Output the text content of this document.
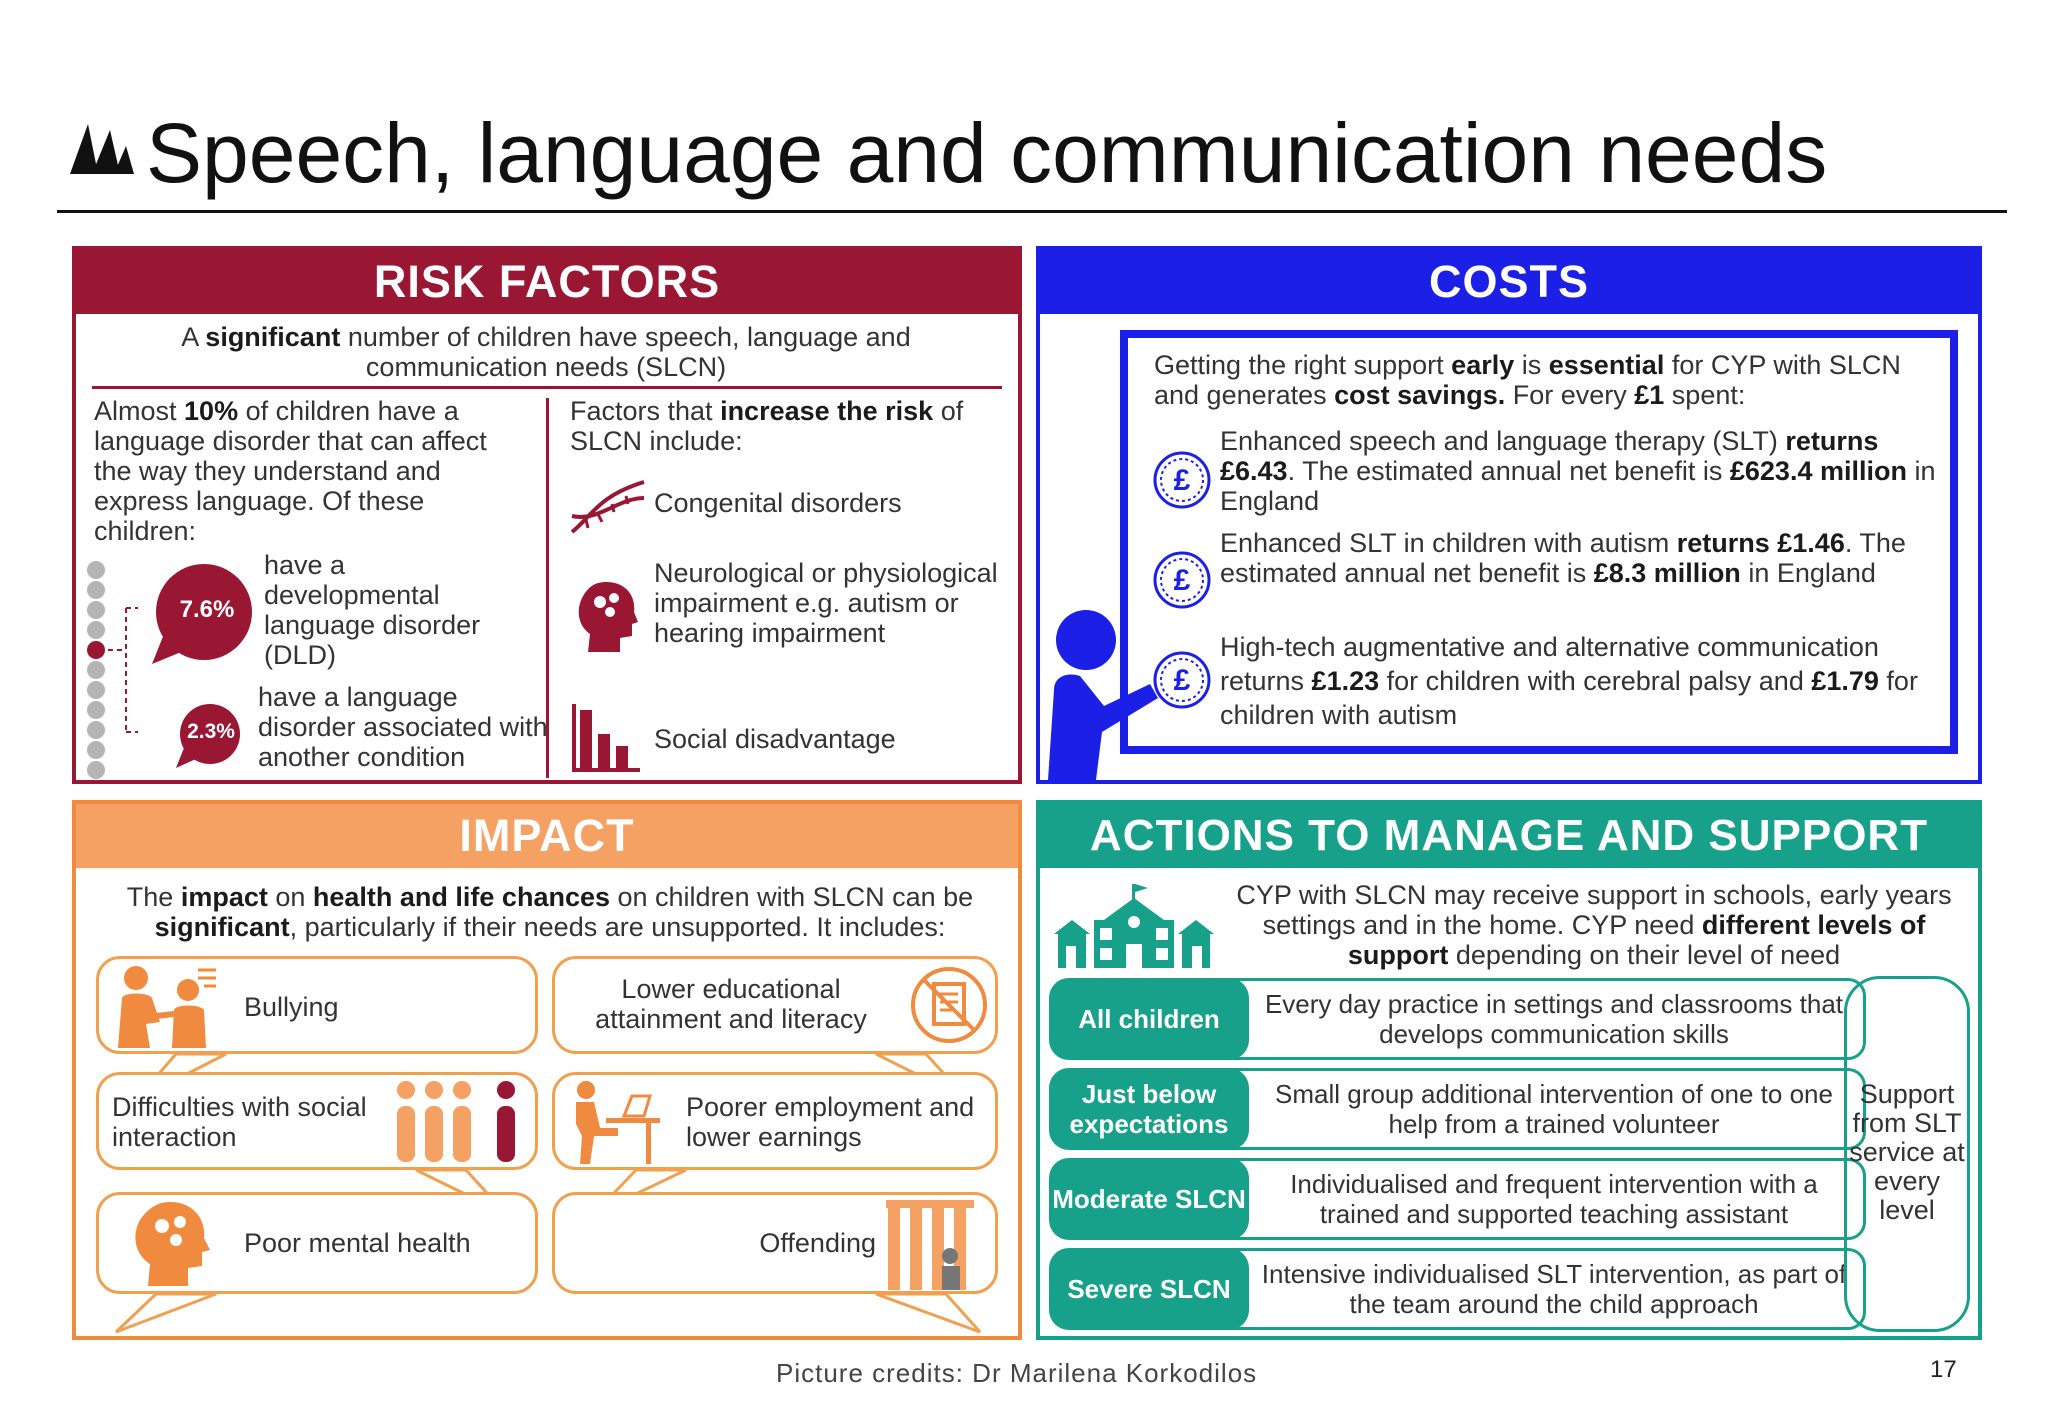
Speech, language and communication needs
RISK FACTORS
A significant number of children have speech, language and communication needs (SLCN)
Almost 10% of children have a language disorder that can affect the way they understand and express language. Of these children:
7.6%
have a developmental language disorder (DLD)
2.3%
have a language disorder associated with another condition
Factors that increase the risk of SLCN include:
Congenital disorders
Neurological or physiological impairment e.g. autism or hearing impairment
Social disadvantage
COSTS
Getting the right support early is essential for CYP with SLCN and generates cost savings. For every £1 spent:
£
Enhanced speech and language therapy (SLT) returns £6.43. The estimated annual net benefit is £623.4 million in England
£
Enhanced SLT in children with autism returns £1.46. The estimated annual net benefit is £8.3 million in England
£
High-tech augmentative and alternative communication returns £1.23 for children with cerebral palsy and £1.79 for children with autism
IMPACT
The impact on health and life chances on children with SLCN can be significant, particularly if their needs are unsupported. It includes:
Bullying
Lower educational attainment and literacy
Difficulties with social interaction
Poorer employment and lower earnings
Poor mental health	Offending
ACTIONS TO MANAGE AND SUPPORT
CYP with SLCN may receive support in schools, early years settings and in the home. CYP need different levels of support depending on their level of need
Every day practice in settings and classrooms that develops communication skills
All children
Small group additional intervention of one to one help from a trained volunteer
Just below expectations
Individualised and frequent intervention with a trained and supported teaching assistant
Moderate SLCN
Intensive individualised SLT intervention, as part of the team around the child approach
Severe SLCN
Support from SLT service at every level
Picture credits: Dr Marilena Korkodilos	17
